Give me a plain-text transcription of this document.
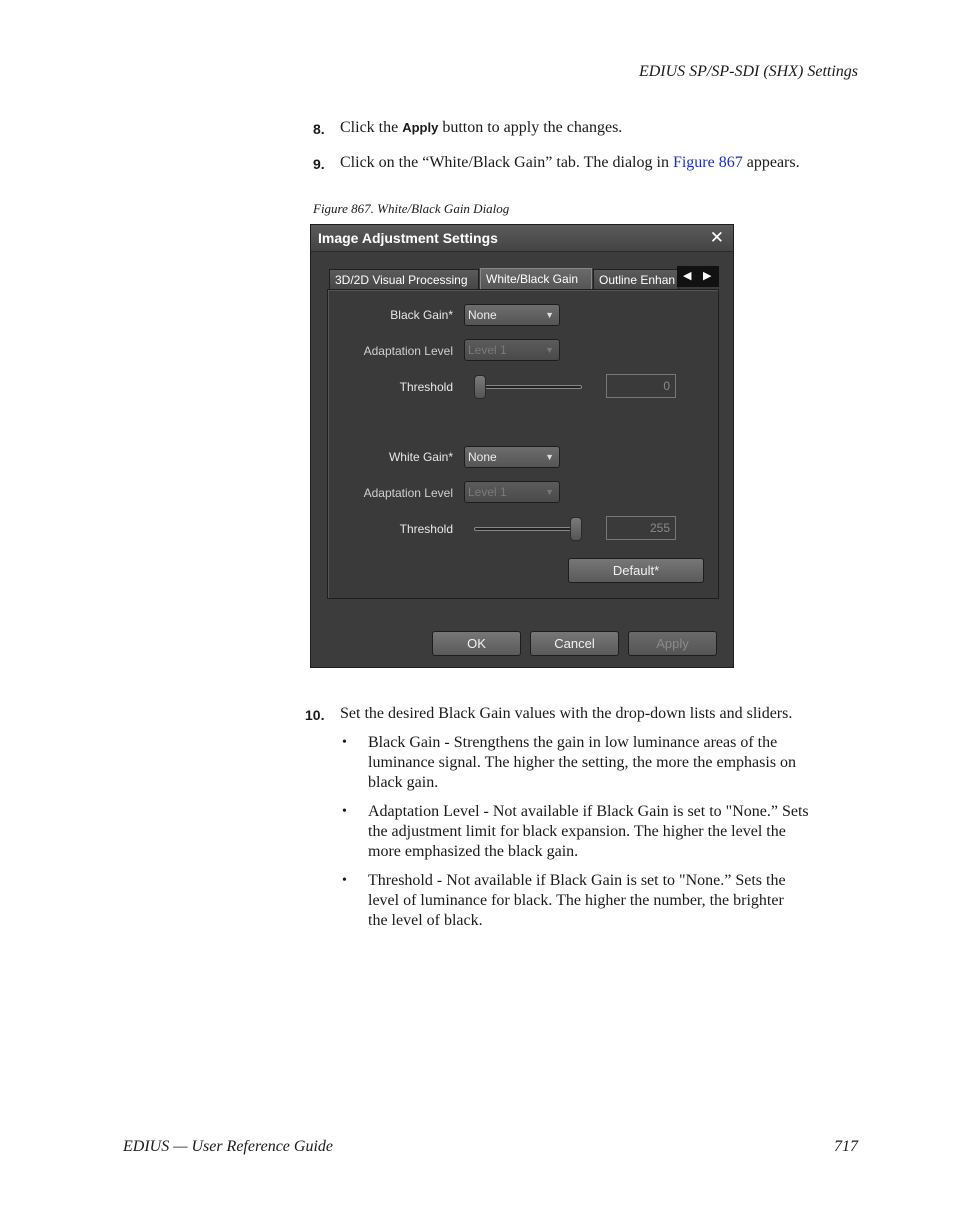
EDIUS SP/SP-SDI (SHX) Settings
8. Click the Apply button to apply the changes.
9. Click on the “White/Black Gain” tab. The dialog in Figure 867 appears.
Figure 867. White/Black Gain Dialog
Image Adjustment Settings	✕
3D/2D Visual Processing	White/Black Gain	Outline Enhan ◀ ▶
Black Gain*	None	▼
Adaptation Level	Level 1	▼
Threshold	0
White Gain*	None	▼
Adaptation Level	Level 1	▼
Threshold	255
Default*
OK	Cancel	Apply
10. Set the desired Black Gain values with the drop-down lists and sliders.
• Black Gain - Strengthens the gain in low luminance areas of the
luminance signal. The higher the setting, the more the emphasis on
black gain.
• Adaptation Level - Not available if Black Gain is set to "None.” Sets
the adjustment limit for black expansion. The higher the level the
more emphasized the black gain.
• Threshold - Not available if Black Gain is set to "None.” Sets the
level of luminance for black. The higher the number, the brighter
the level of black.
EDIUS — User Reference Guide	717
